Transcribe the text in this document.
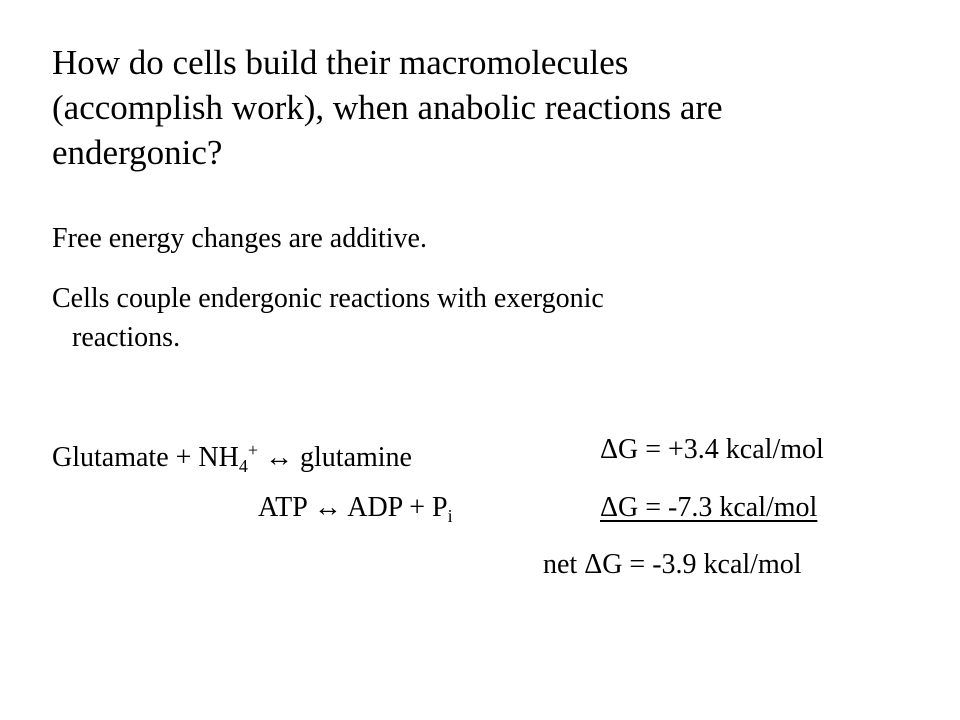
How do cells build their macromolecules
(accomplish work), when anabolic reactions are
endergonic?

Free energy changes are additive.

Cells couple endergonic reactions with exergonic

reactions.

Glutamate + $NH_4^+$ ↔ glutamine	ΔG = +3.4 kcal/mol
ATP ↔ ADP + $P_i$	ΔG = -7.3 kcal/mol
net ΔG = -3.9 kcal/mol
